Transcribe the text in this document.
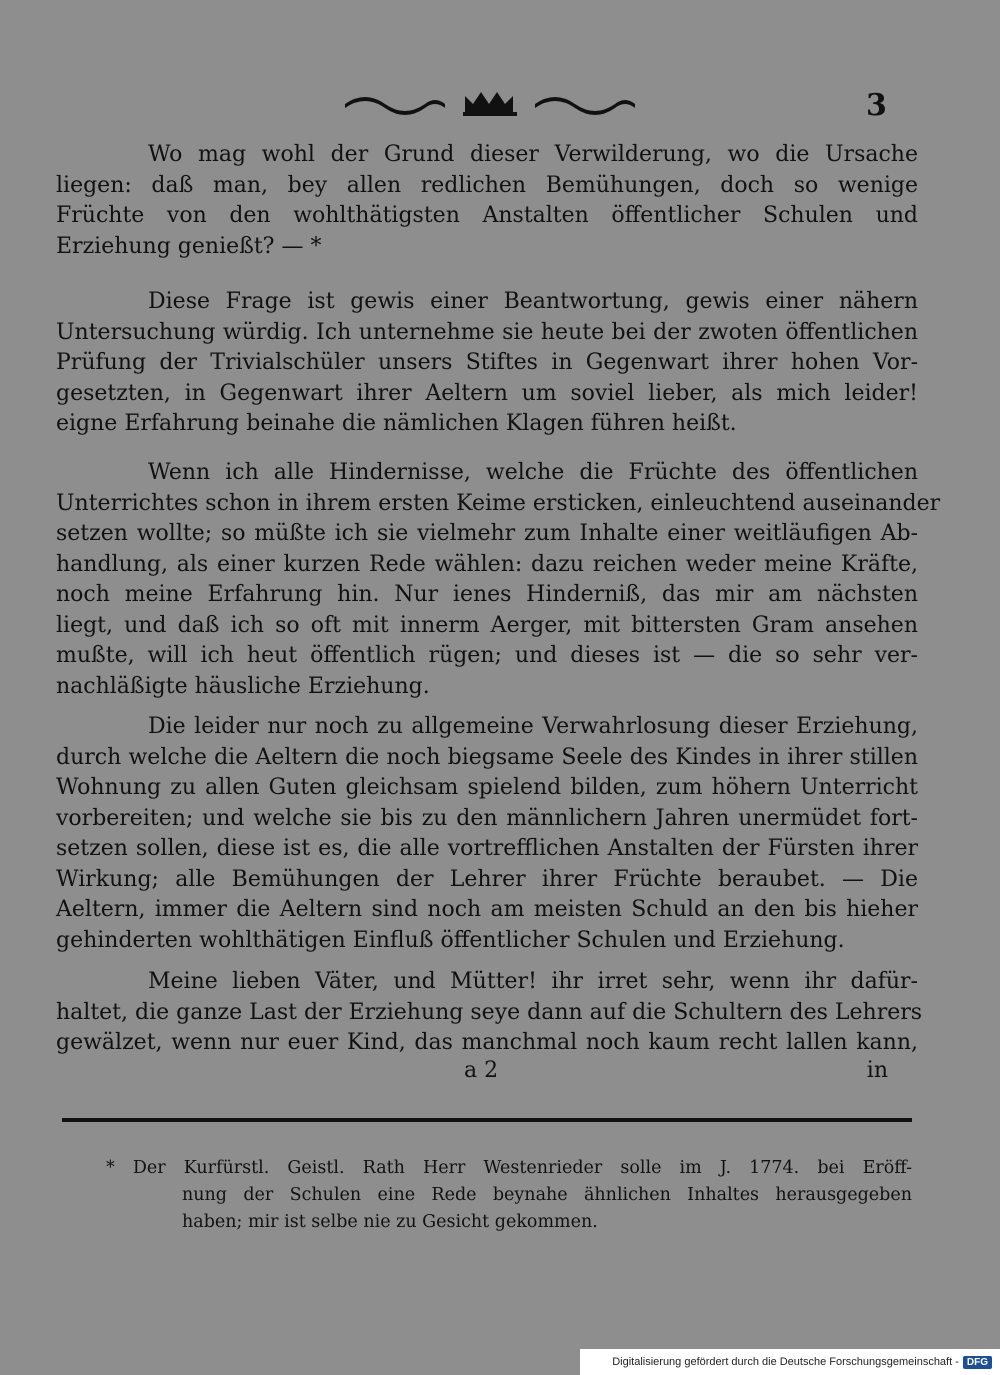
3
Wo mag wohl der Grund dieser Verwilderung, wo die Ursache
liegen: daß man, bey allen redlichen Bemühungen, doch so wenige
Früchte von den wohlthätigsten Anstalten öffentlicher Schulen und
Erziehung genießt? — *
Diese Frage ist gewis einer Beantwortung, gewis einer nähern
Untersuchung würdig. Ich unternehme sie heute bei der zwoten öffentlichen
Prüfung der Trivialschüler unsers Stiftes in Gegenwart ihrer hohen Vor-
gesetzten, in Gegenwart ihrer Aeltern um soviel lieber, als mich leider!
eigne Erfahrung beinahe die nämlichen Klagen führen heißt.
Wenn ich alle Hindernisse, welche die Früchte des öffentlichen
Unterrichtes schon in ihrem ersten Keime ersticken, einleuchtend auseinander
setzen wollte; so müßte ich sie vielmehr zum Inhalte einer weitläufigen Ab-
handlung, als einer kurzen Rede wählen: dazu reichen weder meine Kräfte,
noch meine Erfahrung hin. Nur ienes Hinderniß, das mir am nächsten
liegt, und daß ich so oft mit innerm Aerger, mit bittersten Gram ansehen
mußte, will ich heut öffentlich rügen; und dieses ist — die so sehr ver-
nachläßigte häusliche Erziehung.
Die leider nur noch zu allgemeine Verwahrlosung dieser Erziehung,
durch welche die Aeltern die noch biegsame Seele des Kindes in ihrer stillen
Wohnung zu allen Guten gleichsam spielend bilden, zum höhern Unterricht
vorbereiten; und welche sie bis zu den männlichern Jahren unermüdet fort-
setzen sollen, diese ist es, die alle vortrefflichen Anstalten der Fürsten ihrer
Wirkung; alle Bemühungen der Lehrer ihrer Früchte beraubet. — Die
Aeltern, immer die Aeltern sind noch am meisten Schuld an den bis hieher
gehinderten wohlthätigen Einfluß öffentlicher Schulen und Erziehung.
Meine lieben Väter, und Mütter! ihr irret sehr, wenn ihr dafür-
haltet, die ganze Last der Erziehung seye dann auf die Schultern des Lehrers
gewälzet, wenn nur euer Kind, das manchmal noch kaum recht lallen kann,
a 2	in
* Der Kurfürstl. Geistl. Rath Herr Westenrieder solle im J. 1774. bei Eröff-
nung der Schulen eine Rede beynahe ähnlichen Inhaltes herausgegeben
haben; mir ist selbe nie zu Gesicht gekommen.
Digitalisierung gefördert durch die Deutsche Forschungsgemeinschaft - DFG
